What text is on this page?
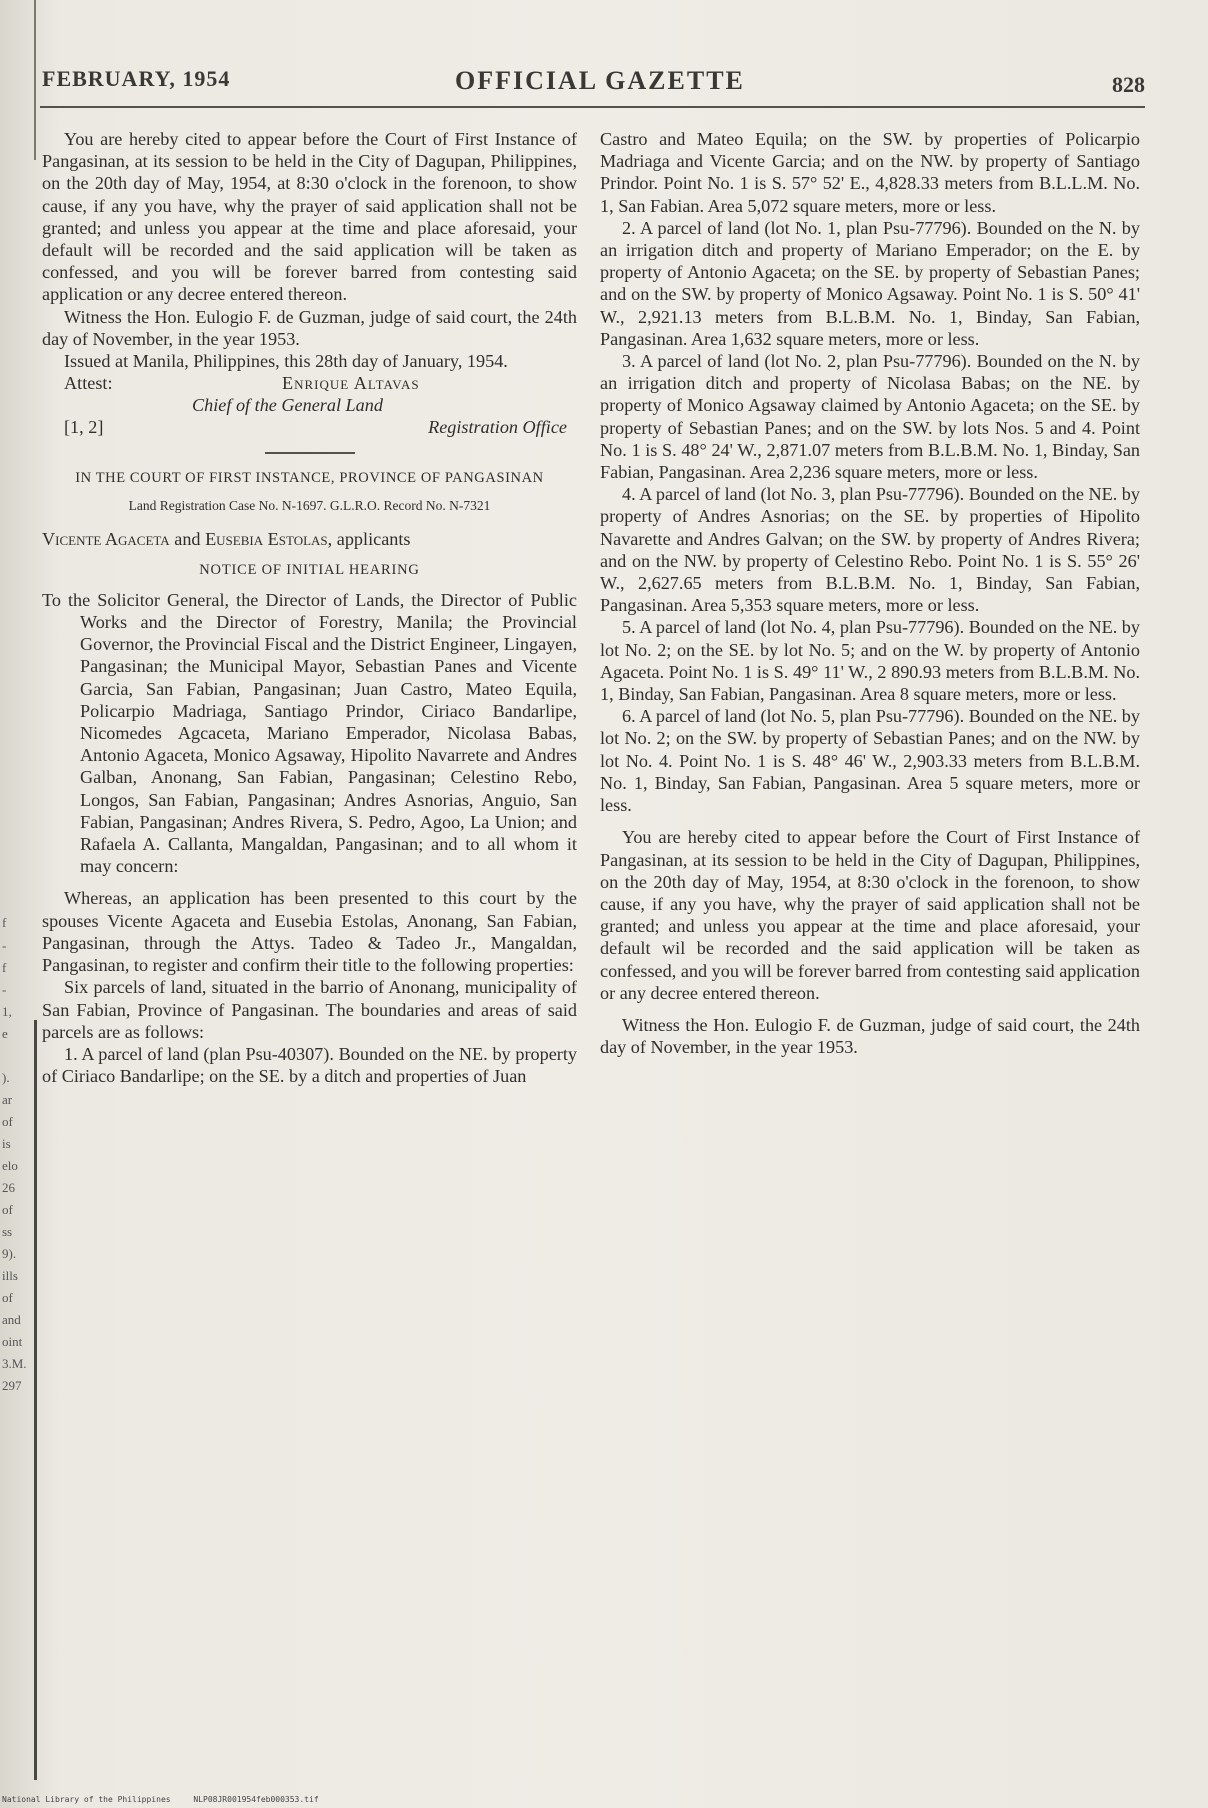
FEBRUARY, 1954	OFFICIAL GAZETTE	828
f
-
f
-
1,
e
).
ar
of
is
elo
26
of
ss
9).
ills
of
and
oint
3.M.
297

You are hereby cited to appear before the Court of First Instance of Pangasinan, at its session to be held in the City of Dagupan, Philippines, on the 20th day of May, 1954, at 8:30 o'clock in the forenoon, to show cause, if any you have, why the prayer of said application shall not be granted; and unless you appear at the time and place aforesaid, your default will be recorded and the said application will be taken as confessed, and you will be forever barred from contesting said application or any decree entered thereon.

Witness the Hon. Eulogio F. de Guzman, judge of said court, the 24th day of November, in the year 1953.

Issued at Manila, Philippines, this 28th day of January, 1954.

Attest:	Enrique Altavas
Chief of the General Land
[1, 2]	Registration Office
IN THE COURT OF FIRST INSTANCE, PROVINCE OF PANGASINAN
Land Registration Case No. N-1697. G.L.R.O. Record No. N-7321
Vicente Agaceta and Eusebia Estolas, applicants
NOTICE OF INITIAL HEARING

To the Solicitor General, the Director of Lands, the Director of Public Works and the Director of Forestry, Manila; the Provincial Governor, the Provincial Fiscal and the District Engineer, Lingayen, Pangasinan; the Municipal Mayor, Sebastian Panes and Vicente Garcia, San Fabian, Pangasinan; Juan Castro, Mateo Equila, Policarpio Madriaga, Santiago Prindor, Ciriaco Bandarlipe, Nicomedes Agcaceta, Mariano Emperador, Nicolasa Babas, Antonio Agaceta, Monico Agsaway, Hipolito Navarrete and Andres Galban, Anonang, San Fabian, Pangasinan; Celestino Rebo, Longos, San Fabian, Pangasinan; Andres Asnorias, Anguio, San Fabian, Pangasinan; Andres Rivera, S. Pedro, Agoo, La Union; and Rafaela A. Callanta, Mangaldan, Pangasinan; and to all whom it may concern:

Whereas, an application has been presented to this court by the spouses Vicente Agaceta and Eusebia Estolas, Anonang, San Fabian, Pangasinan, through the Attys. Tadeo & Tadeo Jr., Mangaldan, Pangasinan, to register and confirm their title to the following properties:

Six parcels of land, situated in the barrio of Anonang, municipality of San Fabian, Province of Pangasinan. The boundaries and areas of said parcels are as follows:

1. A parcel of land (plan Psu-40307). Bounded on the NE. by property of Ciriaco Bandarlipe; on the SE. by a ditch and properties of Juan

Castro and Mateo Equila; on the SW. by properties of Policarpio Madriaga and Vicente Garcia; and on the NW. by property of Santiago Prindor. Point No. 1 is S. 57° 52' E., 4,828.33 meters from B.L.L.M. No. 1, San Fabian. Area 5,072 square meters, more or less.

2. A parcel of land (lot No. 1, plan Psu-77796). Bounded on the N. by an irrigation ditch and property of Mariano Emperador; on the E. by property of Antonio Agaceta; on the SE. by property of Sebastian Panes; and on the SW. by property of Monico Agsaway. Point No. 1 is S. 50° 41' W., 2,921.13 meters from B.L.B.M. No. 1, Binday, San Fabian, Pangasinan. Area 1,632 square meters, more or less.

3. A parcel of land (lot No. 2, plan Psu-77796). Bounded on the N. by an irrigation ditch and property of Nicolasa Babas; on the NE. by property of Monico Agsaway claimed by Antonio Agaceta; on the SE. by property of Sebastian Panes; and on the SW. by lots Nos. 5 and 4. Point No. 1 is S. 48° 24' W., 2,871.07 meters from B.L.B.M. No. 1, Binday, San Fabian, Pangasinan. Area 2,236 square meters, more or less.

4. A parcel of land (lot No. 3, plan Psu-77796). Bounded on the NE. by property of Andres Asnorias; on the SE. by properties of Hipolito Navarette and Andres Galvan; on the SW. by property of Andres Rivera; and on the NW. by property of Celestino Rebo. Point No. 1 is S. 55° 26' W., 2,627.65 meters from B.L.B.M. No. 1, Binday, San Fabian, Pangasinan. Area 5,353 square meters, more or less.

5. A parcel of land (lot No. 4, plan Psu-77796). Bounded on the NE. by lot No. 2; on the SE. by lot No. 5; and on the W. by property of Antonio Agaceta. Point No. 1 is S. 49° 11' W., 2 890.93 meters from B.L.B.M. No. 1, Binday, San Fabian, Pangasinan. Area 8 square meters, more or less.

6. A parcel of land (lot No. 5, plan Psu-77796). Bounded on the NE. by lot No. 2; on the SW. by property of Sebastian Panes; and on the NW. by lot No. 4. Point No. 1 is S. 48° 46' W., 2,903.33 meters from B.L.B.M. No. 1, Binday, San Fabian, Pangasinan. Area 5 square meters, more or less.

You are hereby cited to appear before the Court of First Instance of Pangasinan, at its session to be held in the City of Dagupan, Philippines, on the 20th day of May, 1954, at 8:30 o'clock in the forenoon, to show cause, if any you have, why the prayer of said application shall not be granted; and unless you appear at the time and place aforesaid, your default wil be recorded and the said application will be taken as confessed, and you will be forever barred from contesting said application or any decree entered thereon.

Witness the Hon. Eulogio F. de Guzman, judge of said court, the 24th day of November, in the year 1953.

National Library of the Philippines	NLP08JR001954feb000353.tif
